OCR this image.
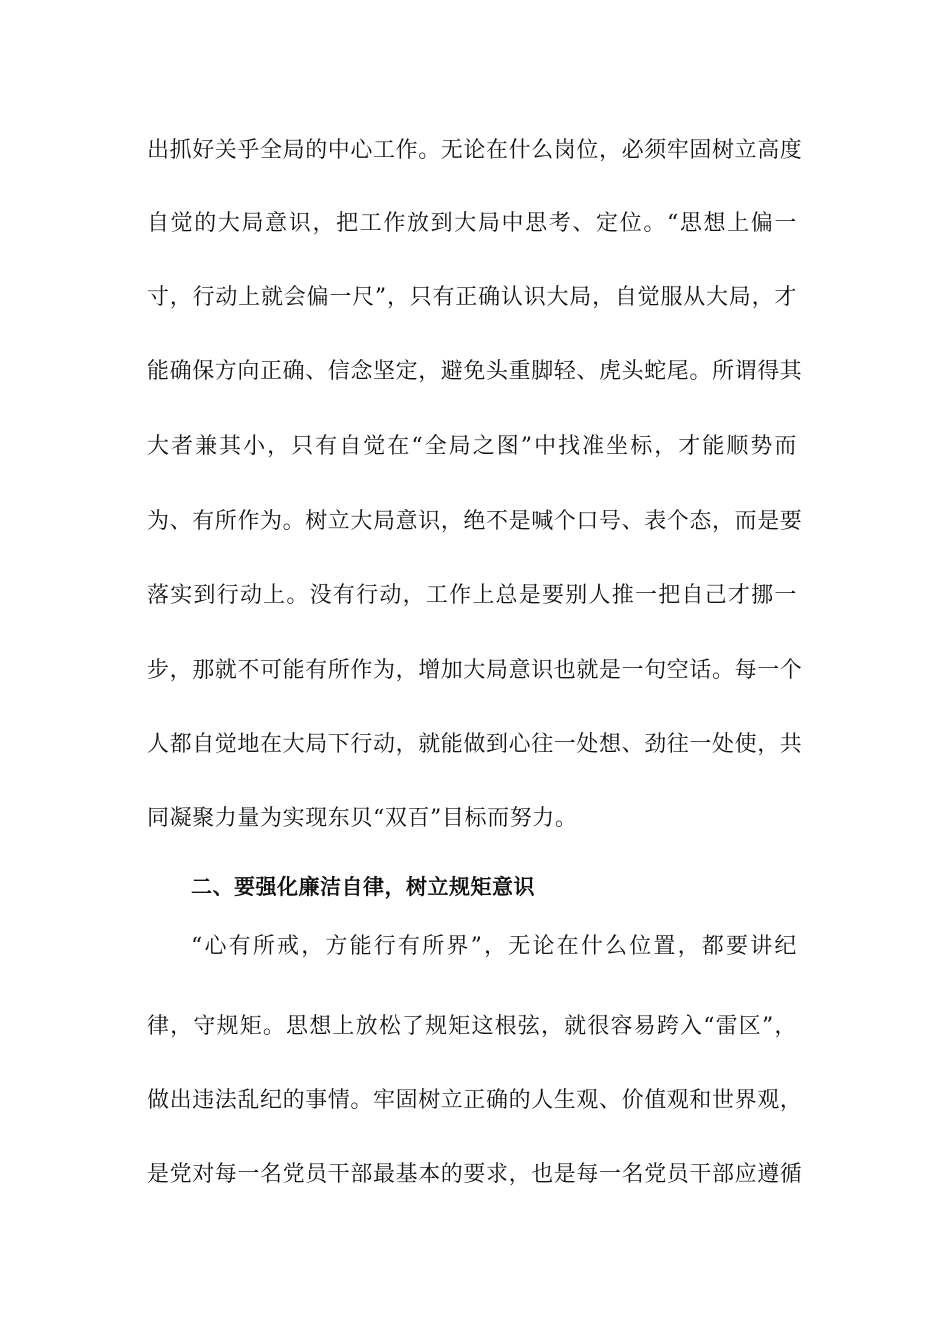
出抓好关乎全局的中心工作。无论在什么岗位，必须牢固树立高度
自觉的大局意识，把工作放到大局中思考、定位。“思想上偏一
寸，行动上就会偏一尺”，只有正确认识大局，自觉服从大局，才
能确保方向正确、信念坚定，避免头重脚轻、虎头蛇尾。所谓得其
大者兼其小，只有自觉在“全局之图”中找准坐标，才能顺势而
为、有所作为。树立大局意识，绝不是喊个口号、表个态，而是要
落实到行动上。没有行动，工作上总是要别人推一把自己才挪一
步，那就不可能有所作为，增加大局意识也就是一句空话。每一个
人都自觉地在大局下行动，就能做到心往一处想、劲往一处使，共
同凝聚力量为实现东贝“双百”目标而努力。
二、要强化廉洁自律，树立规矩意识
“心有所戒，方能行有所界”，无论在什么位置，都要讲纪
律，守规矩。思想上放松了规矩这根弦，就很容易跨入“雷区”，
做出违法乱纪的事情。牢固树立正确的人生观、价值观和世界观，
是党对每一名党员干部最基本的要求，也是每一名党员干部应遵循
